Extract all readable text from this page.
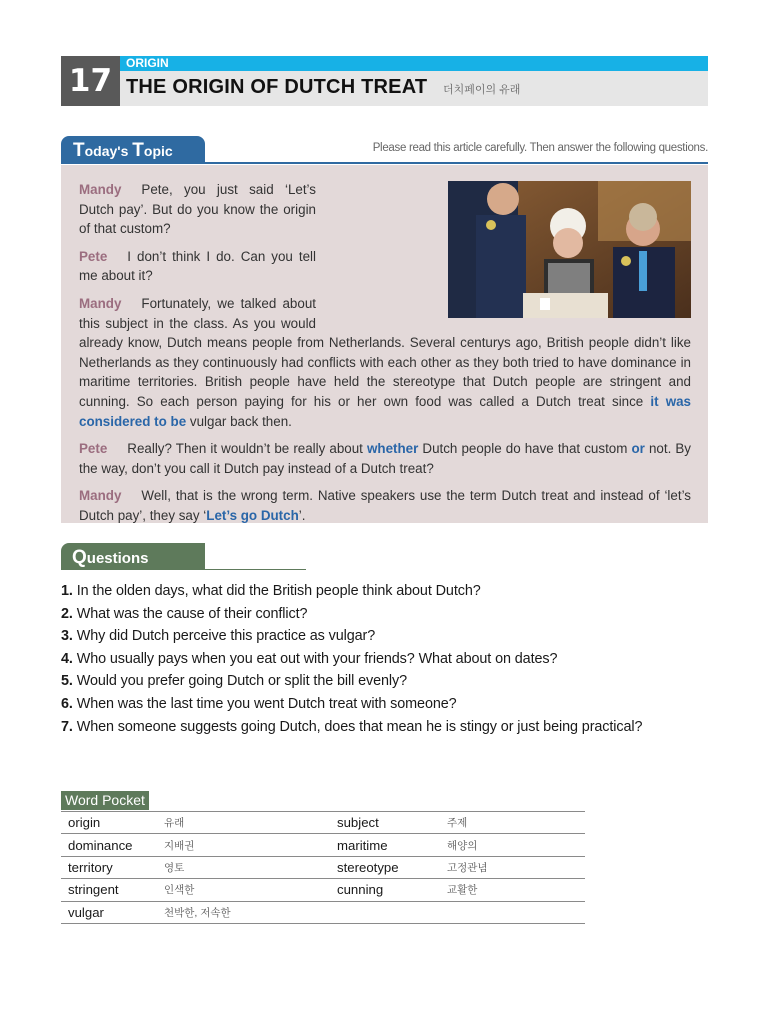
17	ORIGIN
THE ORIGIN OF DUTCH TREAT 더치페이의 유래
Today's Topic	Please read this article carefully. Then answer the following questions.

Mandy Pete, you just said ‘Let’s Dutch pay’. But do you know the origin of that custom?

Pete I don’t think I do. Can you tell me about it?

Mandy Fortunately, we talked about this subject in the class. As you would already know, Dutch means people from Netherlands. Several centurys ago, British people didn’t like Netherlands as they continuously had conflicts with each other as they both tried to have dominance in maritime territories. British people have held the stereotype that Dutch people are stringent and cunning. So each person paying for his or her own food was called a Dutch treat since it was considered to be vulgar back then.

Pete Really? Then it wouldn’t be really about whether Dutch people do have that custom or not. By the way, don’t you call it Dutch pay instead of a Dutch treat?

Mandy Well, that is the wrong term. Native speakers use the term Dutch treat and instead of ‘let’s Dutch pay’, they say ‘Let’s go Dutch’.

Questions
1. In the olden days, what did the British people think about Dutch?
2. What was the cause of their conflict?
3. Why did Dutch perceive this practice as vulgar?
4. Who usually pays when you eat out with your friends? What about on dates?
5. Would you prefer going Dutch or split the bill evenly?
6. When was the last time you went Dutch treat with someone?
7. When someone suggests going Dutch, does that mean he is stingy or just being practical?
Word Pocket
origin	유래	subject	주제
dominance	지배권	maritime	해양의
territory	영토	stereotype	고정관념
stringent	인색한	cunning	교활한
vulgar	천박한, 저속한		
